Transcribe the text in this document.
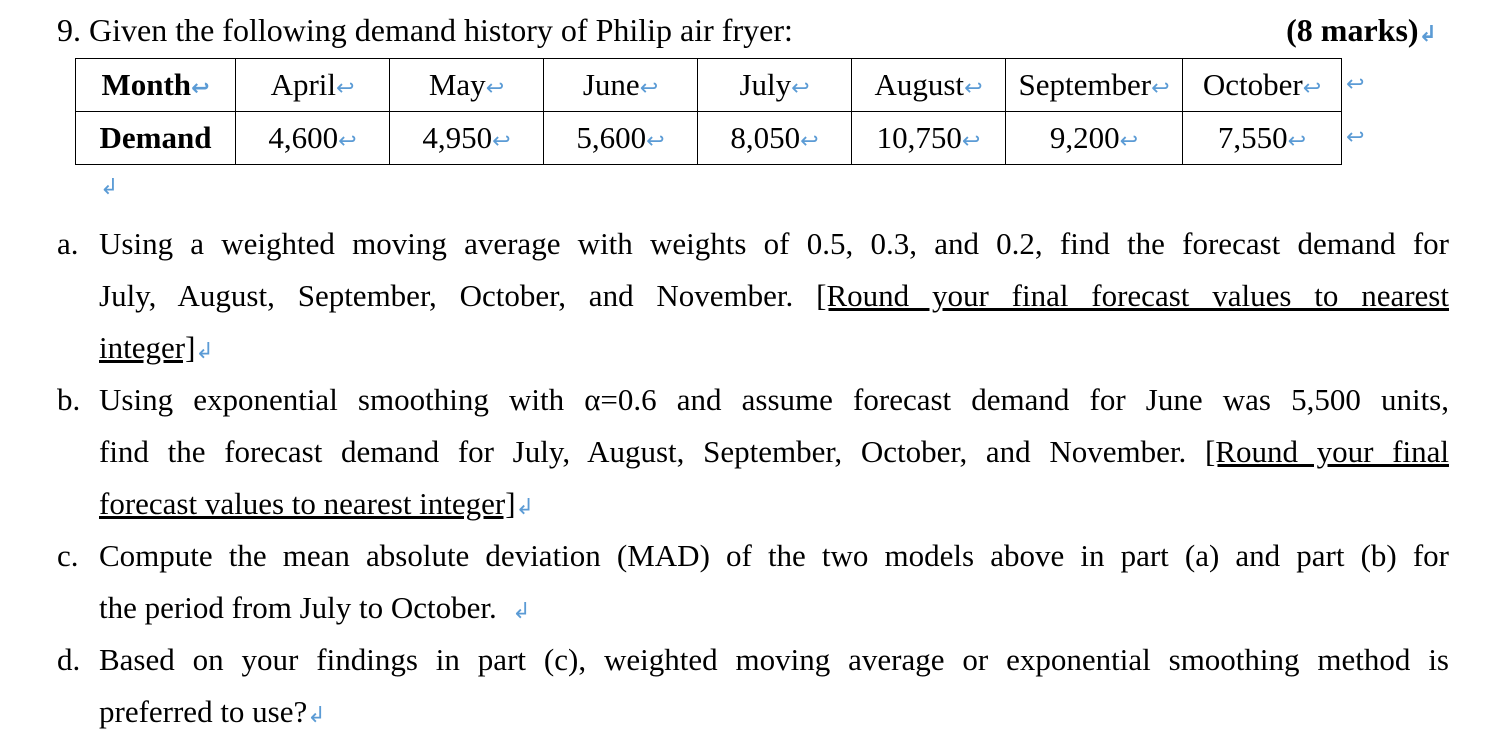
9. Given the following demand history of Philip air fryer:	(8 marks)↲
Month↩	April↩	May↩	June↩	July↩	August↩	September↩	October↩
Demand	4,600↩	4,950↩	5,600↩	8,050↩	10,750↩	9,200↩	7,550↩
↩
↩
↲
a. Using a weighted moving average with weights of 0.5, 0.3, and 0.2, find the forecast demand for
July, August, September, October, and November. [Round your final forecast values to nearest
integer]↲
b. Using exponential smoothing with α=0.6 and assume forecast demand for June was 5,500 units,
find the forecast demand for July, August, September, October, and November. [Round your final
forecast values to nearest integer]↲
c. Compute the mean absolute deviation (MAD) of the two models above in part (a) and part (b) for
the period from July to October. ↲
d. Based on your findings in part (c), weighted moving average or exponential smoothing method is
preferred to use?↲
